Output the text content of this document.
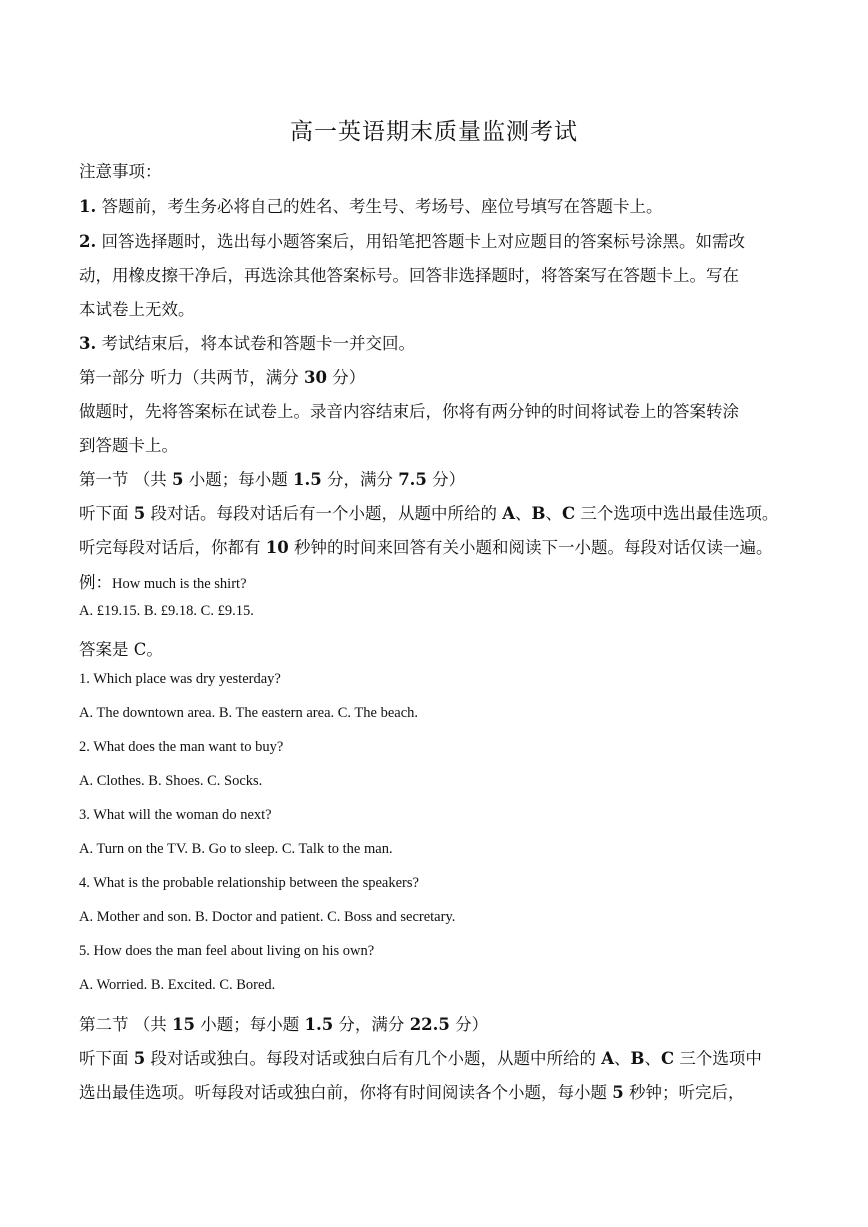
高一英语期末质量监测考试
注意事项：
1. 答题前，考生务必将自己的姓名、考生号、考场号、座位号填写在答题卡上。
2. 回答选择题时，选出每小题答案后，用铅笔把答题卡上对应题目的答案标号涂黑。如需改
动，用橡皮擦干净后，再选涂其他答案标号。回答非选择题时，将答案写在答题卡上。写在
本试卷上无效。
3. 考试结束后，将本试卷和答题卡一并交回。
第一部分 听力（共两节，满分 30 分）
做题时，先将答案标在试卷上。录音内容结束后，你将有两分钟的时间将试卷上的答案转涂
到答题卡上。
第一节 （共 5 小题；每小题 1.5 分，满分 7.5 分）
听下面 5 段对话。每段对话后有一个小题，从题中所给的 A、B、C 三个选项中选出最佳选项。
听完每段对话后，你都有 10 秒钟的时间来回答有关小题和阅读下一小题。每段对话仅读一遍。
例：How much is the shirt?
A. £19.15. B. £9.18. C. £9.15.
答案是 C。
1. Which place was dry yesterday?
A. The downtown area. B. The eastern area. C. The beach.
2. What does the man want to buy?
A. Clothes. B. Shoes. C. Socks.
3. What will the woman do next?
A. Turn on the TV. B. Go to sleep. C. Talk to the man.
4. What is the probable relationship between the speakers?
A. Mother and son. B. Doctor and patient. C. Boss and secretary.
5. How does the man feel about living on his own?
A. Worried. B. Excited. C. Bored.
第二节 （共 15 小题；每小题 1.5 分，满分 22.5 分）
听下面 5 段对话或独白。每段对话或独白后有几个小题，从题中所给的 A、B、C 三个选项中
选出最佳选项。听每段对话或独白前，你将有时间阅读各个小题，每小题 5 秒钟；听完后，
